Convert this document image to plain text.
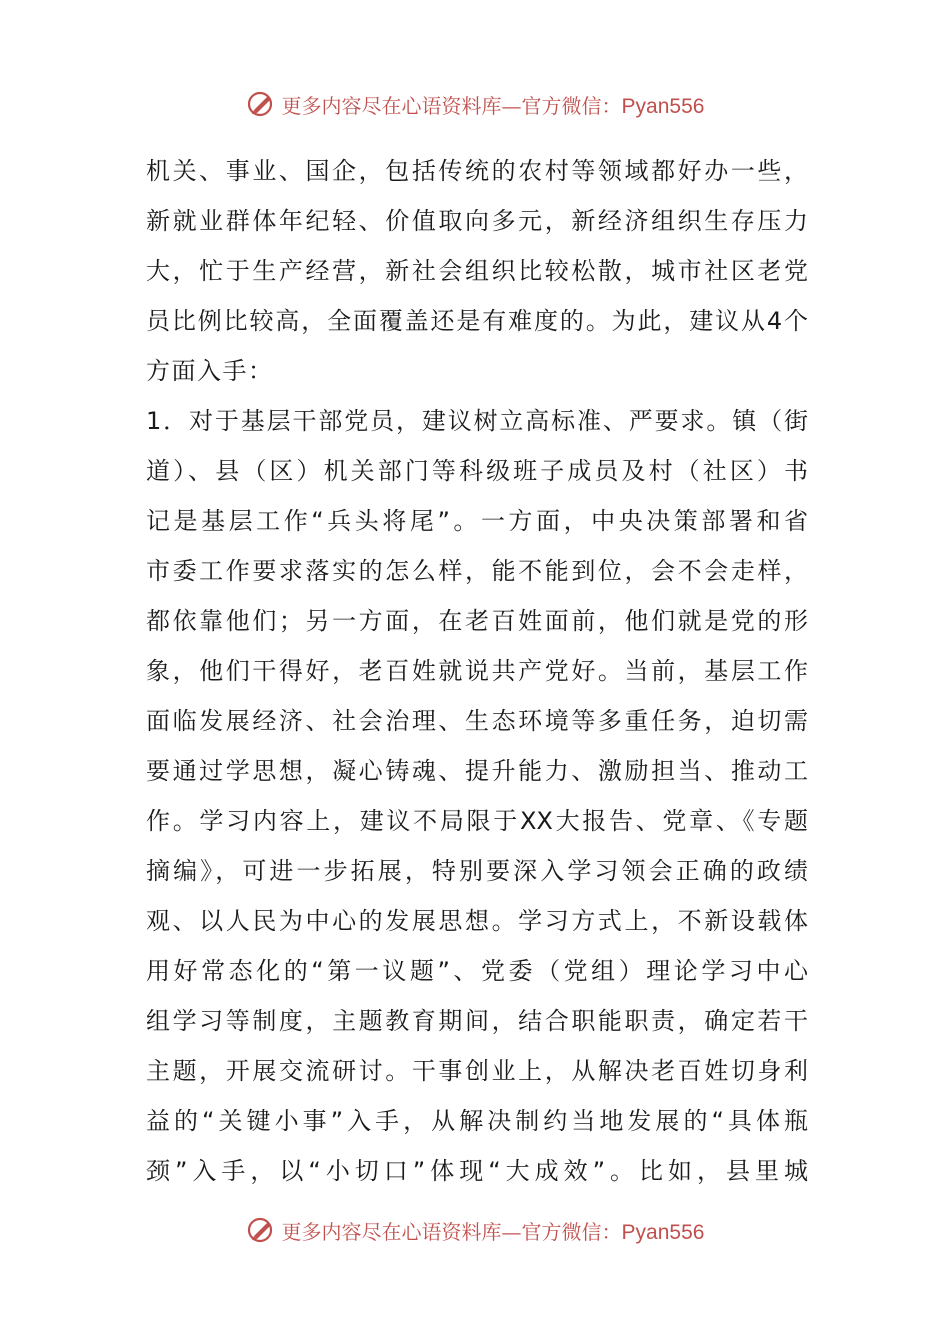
更多内容尽在心语资料库—官方微信：Pyan556
机关、事业、国企，包括传统的农村等领域都好办一些，
新就业群体年纪轻、价值取向多元，新经济组织生存压力
大，忙于生产经营，新社会组织比较松散，城市社区老党
员比例比较高，全面覆盖还是有难度的。为此，建议从4个
方面入手：
1．对于基层干部党员，建议树立高标准、严要求。镇（街
道）、县（区）机关部门等科级班子成员及村（社区）书
记是基层工作“兵头将尾”。一方面，中央决策部署和省
市委工作要求落实的怎么样，能不能到位，会不会走样，
都依靠他们；另一方面，在老百姓面前，他们就是党的形
象，他们干得好，老百姓就说共产党好。当前，基层工作
面临发展经济、社会治理、生态环境等多重任务，迫切需
要通过学思想，凝心铸魂、提升能力、激励担当、推动工
作。学习内容上，建议不局限于XX大报告、党章、《专题
摘编》，可进一步拓展，特别要深入学习领会正确的政绩
观、以人民为中心的发展思想。学习方式上，不新设载体
用好常态化的“第一议题”、党委（党组）理论学习中心
组学习等制度，主题教育期间，结合职能职责，确定若干
主题，开展交流研讨。干事创业上，从解决老百姓切身利
益的“关键小事”入手，从解决制约当地发展的“具体瓶
颈”入手，以“小切口”体现“大成效”。比如，县里城
更多内容尽在心语资料库—官方微信：Pyan556
